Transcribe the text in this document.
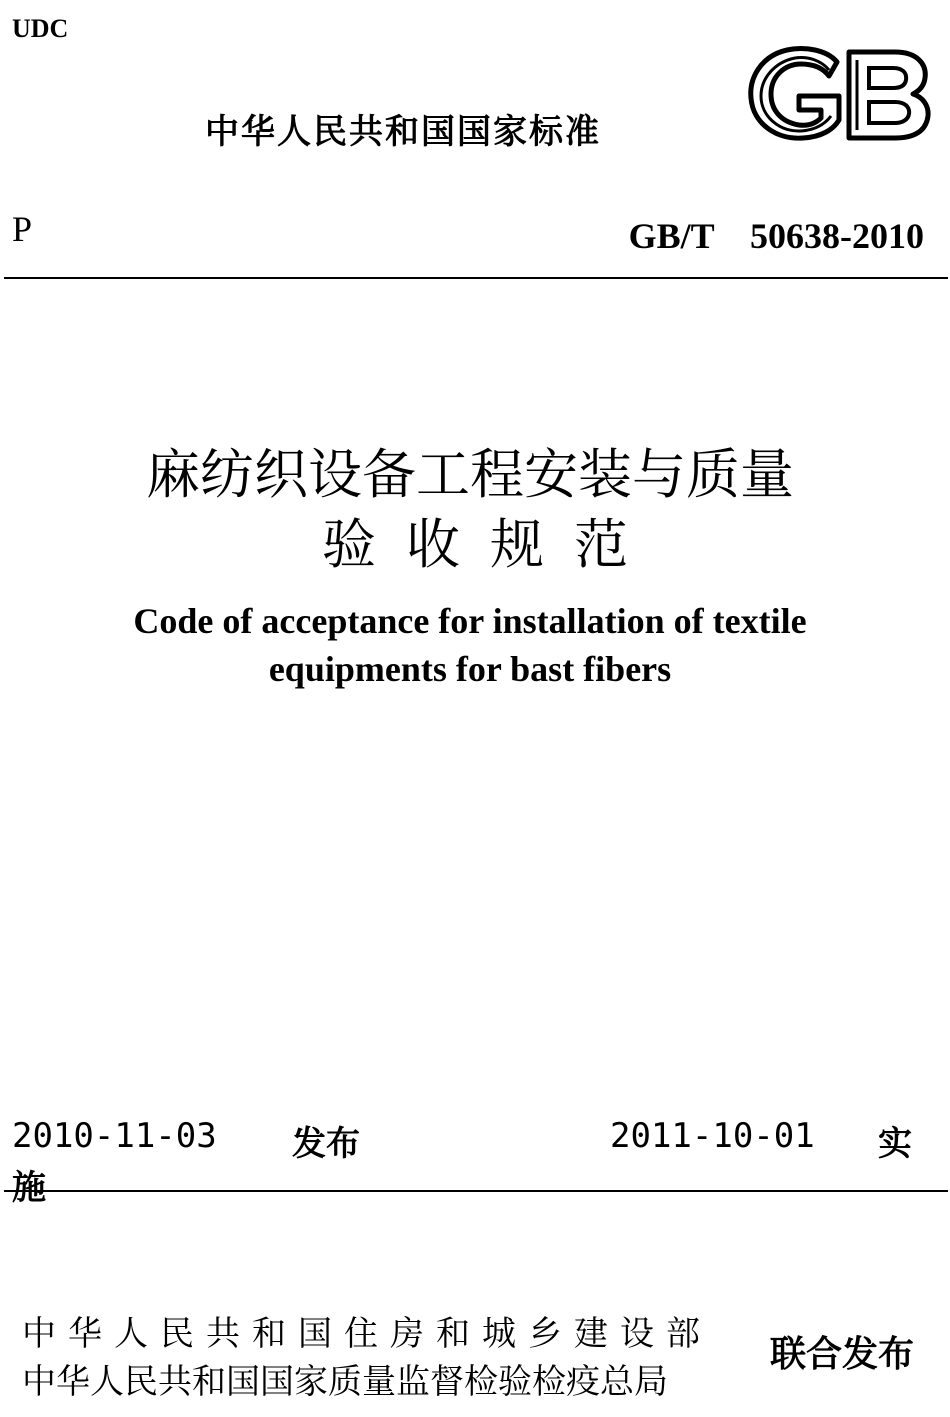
UDC
中华人民共和国国家标准
P	GB/T　50638-2010
麻纺织设备工程安装与质量
验收规范
Code of acceptance for installation of textile
equipments for bast fibers
2010-11-03 发布	2011-10-01 实
施
中华人民共和国住房和城乡建设部
中华人民共和国国家质量监督检验检疫总局
联合发布
